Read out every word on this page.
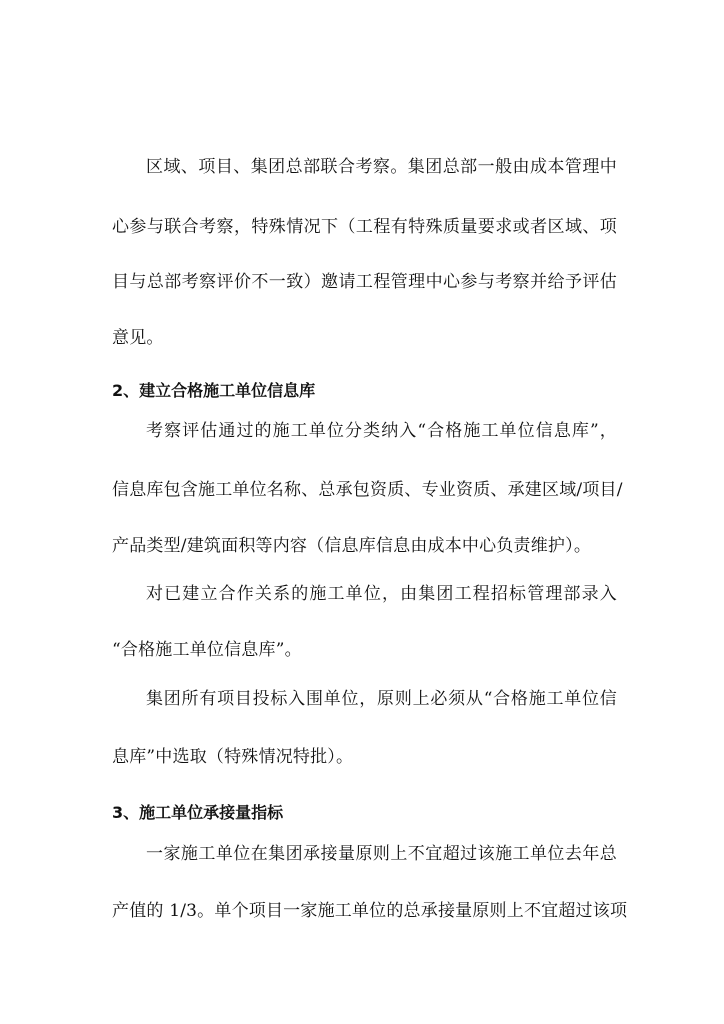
区域、项目、集团总部联合考察。集团总部一般由成本管理中
心参与联合考察，特殊情况下（工程有特殊质量要求或者区域、项
目与总部考察评价不一致）邀请工程管理中心参与考察并给予评估
意见。
2、建立合格施工单位信息库
考察评估通过的施工单位分类纳入“合格施工单位信息库”，
信息库包含施工单位名称、总承包资质、专业资质、承建区域/项目/
产品类型/建筑面积等内容（信息库信息由成本中心负责维护）。
对已建立合作关系的施工单位，由集团工程招标管理部录入
“合格施工单位信息库”。
集团所有项目投标入围单位，原则上必须从“合格施工单位信
息库”中选取（特殊情况特批）。
3、施工单位承接量指标
一家施工单位在集团承接量原则上不宜超过该施工单位去年总
产值的 1/3。单个项目一家施工单位的总承接量原则上不宜超过该项
